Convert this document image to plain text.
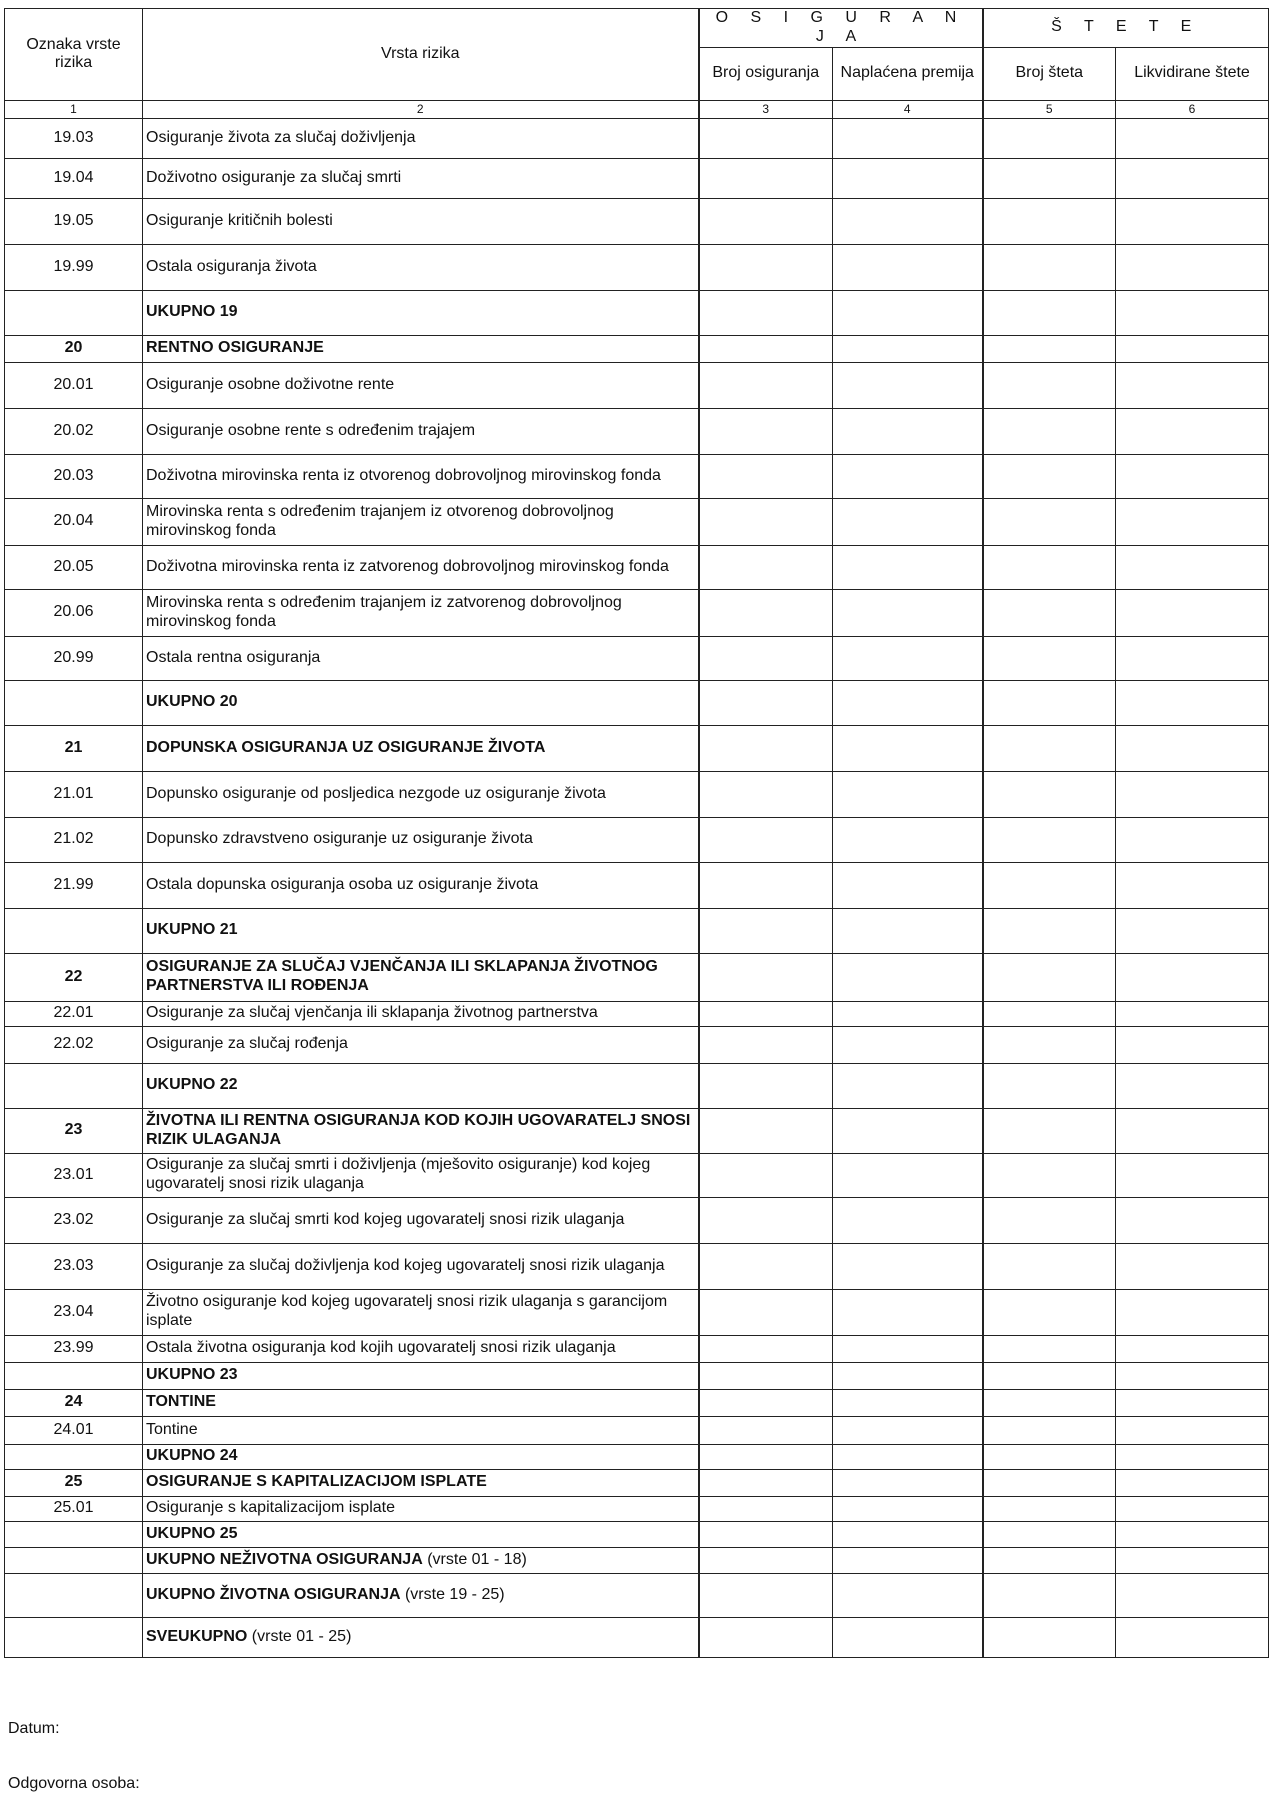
Oznaka vrste rizika	Vrsta rizika	O S I G U R A N J A		Š T E T E	
		Broj osiguranja	Naplaćena premija	Broj šteta	Likvidirane štete
1	2	3	4	5	6
19.03	Osiguranje života za slučaj doživljenja				
19.04	Doživotno osiguranje za slučaj smrti				
19.05	Osiguranje kritičnih bolesti				
19.99	Ostala osiguranja života				
	UKUPNO 19				
20	RENTNO OSIGURANJE				
20.01	Osiguranje osobne doživotne rente				
20.02	Osiguranje osobne rente s određenim trajajem				
20.03	Doživotna mirovinska renta iz otvorenog dobrovoljnog mirovinskog fonda				
20.04	Mirovinska renta s određenim trajanjem iz otvorenog dobrovoljnog mirovinskog fonda				
20.05	Doživotna mirovinska renta iz zatvorenog dobrovoljnog mirovinskog fonda				
20.06	Mirovinska renta s određenim trajanjem iz zatvorenog dobrovoljnog mirovinskog fonda				
20.99	Ostala rentna osiguranja				
	UKUPNO 20				
21	DOPUNSKA OSIGURANJA UZ OSIGURANJE ŽIVOTA				
21.01	Dopunsko osiguranje od posljedica nezgode uz osiguranje života				
21.02	Dopunsko zdravstveno osiguranje uz osiguranje života				
21.99	Ostala dopunska osiguranja osoba uz osiguranje života				
	UKUPNO 21				
22	OSIGURANJE ZA SLUČAJ VJENČANJA ILI SKLAPANJA ŽIVOTNOG PARTNERSTVA ILI ROĐENJA				
22.01	Osiguranje za slučaj vjenčanja ili sklapanja životnog partnerstva				
22.02	Osiguranje za slučaj rođenja				
	UKUPNO 22				
23	ŽIVOTNA ILI RENTNA OSIGURANJA KOD KOJIH UGOVARATELJ SNOSI RIZIK ULAGANJA				
23.01	Osiguranje za slučaj smrti i doživljenja (mješovito osiguranje) kod kojeg ugovaratelj snosi rizik ulaganja				
23.02	Osiguranje za slučaj smrti kod kojeg ugovaratelj snosi rizik ulaganja				
23.03	Osiguranje za slučaj doživljenja kod kojeg ugovaratelj snosi rizik ulaganja				
23.04	Životno osiguranje kod kojeg ugovaratelj snosi rizik ulaganja s garancijom isplate				
23.99	Ostala životna osiguranja kod kojih ugovaratelj snosi rizik ulaganja				
	UKUPNO 23				
24	TONTINE				
24.01	Tontine				
	UKUPNO 24				
25	OSIGURANJE S KAPITALIZACIJOM ISPLATE				
25.01	Osiguranje s kapitalizacijom isplate				
	UKUPNO 25				
	UKUPNO NEŽIVOTNA OSIGURANJA (vrste 01 - 18)				
	UKUPNO ŽIVOTNA OSIGURANJA (vrste 19 - 25)				
	SVEUKUPNO (vrste 01 - 25)				
Datum:
Odgovorna osoba:
